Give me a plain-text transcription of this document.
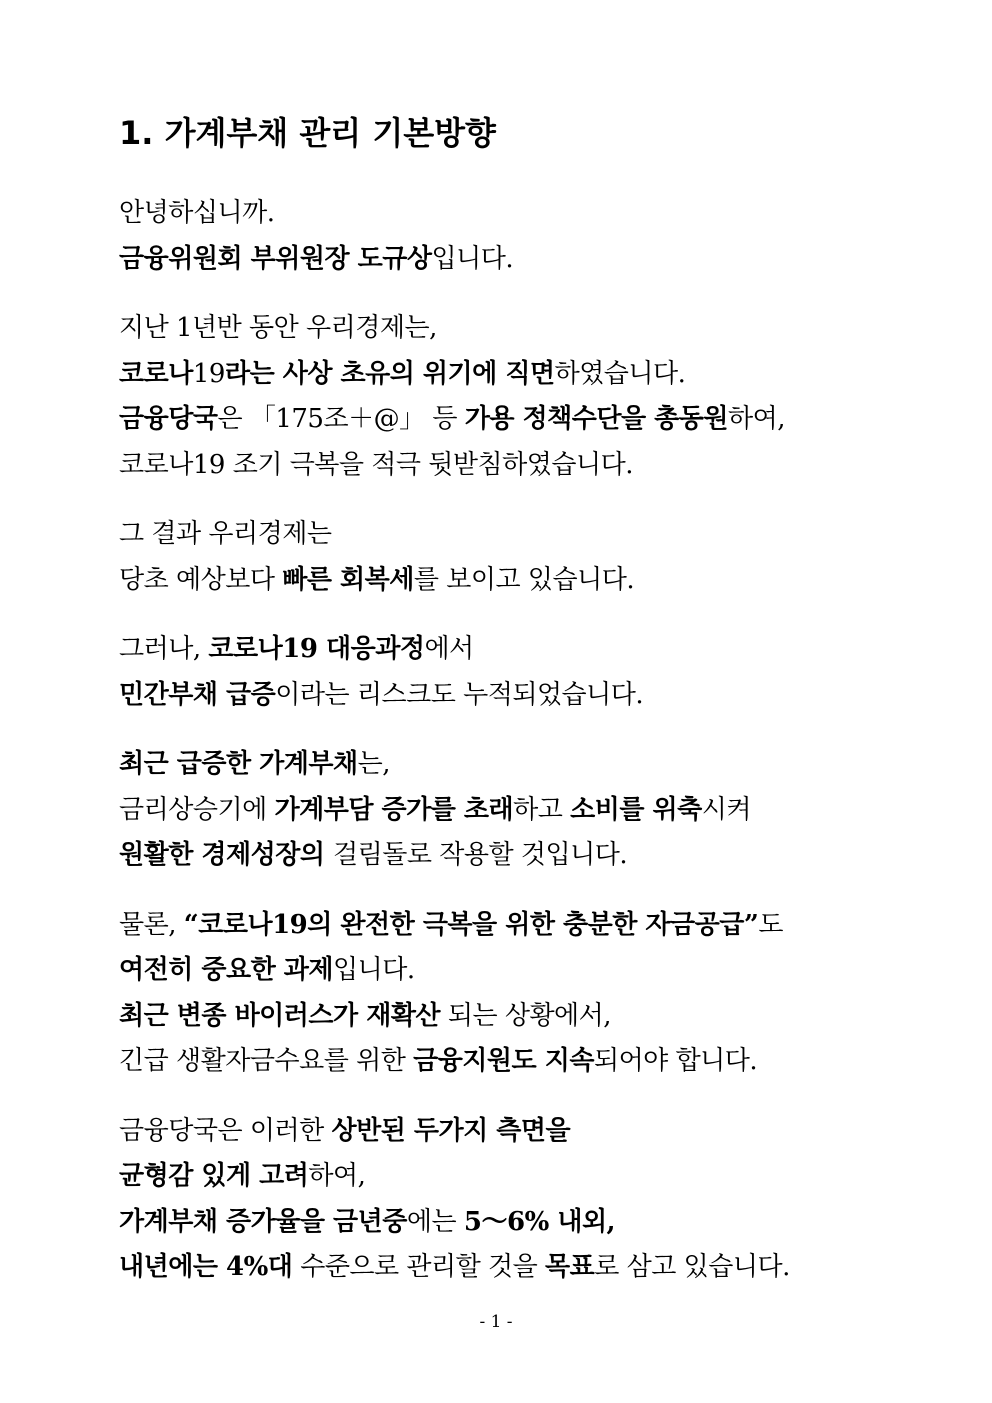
1. 가계부채 관리 기본방향
안녕하십니까.
금융위원회 부위원장 도규상입니다.
지난 1년반 동안 우리경제는,
코로나19라는 사상 초유의 위기에 직면하였습니다.
금융당국은 「175조＋@」 등 가용 정책수단을 총동원하여,
코로나19 조기 극복을 적극 뒷받침하였습니다.
그 결과 우리경제는
당초 예상보다 빠른 회복세를 보이고 있습니다.
그러나, 코로나19 대응과정에서
민간부채 급증이라는 리스크도 누적되었습니다.
최근 급증한 가계부채는,
금리상승기에 가계부담 증가를 초래하고 소비를 위축시켜
원활한 경제성장의 걸림돌로 작용할 것입니다.
물론, “코로나19의 완전한 극복을 위한 충분한 자금공급”도
여전히 중요한 과제입니다.
최근 변종 바이러스가 재확산 되는 상황에서,
긴급 생활자금수요를 위한 금융지원도 지속되어야 합니다.
금융당국은 이러한 상반된 두가지 측면을
균형감 있게 고려하여,
가계부채 증가율을 금년중에는 5～6% 내외,
내년에는 4%대 수준으로 관리할 것을 목표로 삼고 있습니다.
- 1 -
